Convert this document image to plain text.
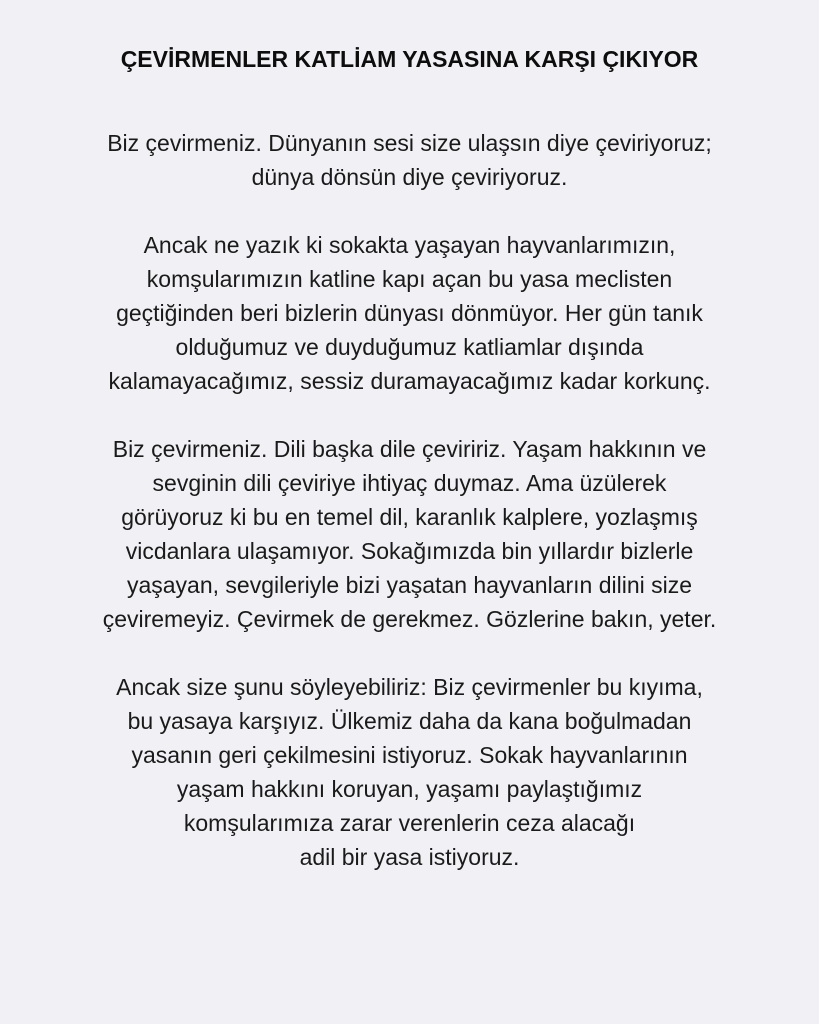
ÇEVİRMENLER KATLİAM YASASINA KARŞI ÇIKIYOR

Biz çevirmeniz. Dünyanın sesi size ulaşsın diye çeviriyoruz;
dünya dönsün diye çeviriyoruz.

Ancak ne yazık ki sokakta yaşayan hayvanlarımızın,
komşularımızın katline kapı açan bu yasa meclisten
geçtiğinden beri bizlerin dünyası dönmüyor. Her gün tanık
olduğumuz ve duyduğumuz katliamlar dışında
kalamayacağımız, sessiz duramayacağımız kadar korkunç.

Biz çevirmeniz. Dili başka dile çeviririz. Yaşam hakkının ve
sevginin dili çeviriye ihtiyaç duymaz. Ama üzülerek
görüyoruz ki bu en temel dil, karanlık kalplere, yozlaşmış
vicdanlara ulaşamıyor. Sokağımızda bin yıllardır bizlerle
yaşayan, sevgileriyle bizi yaşatan hayvanların dilini size
çeviremeyiz. Çevirmek de gerekmez. Gözlerine bakın, yeter.

Ancak size şunu söyleyebiliriz: Biz çevirmenler bu kıyıma,
bu yasaya karşıyız. Ülkemiz daha da kana boğulmadan
yasanın geri çekilmesini istiyoruz. Sokak hayvanlarının
yaşam hakkını koruyan, yaşamı paylaştığımız
komşularımıza zarar verenlerin ceza alacağı
adil bir yasa istiyoruz.
